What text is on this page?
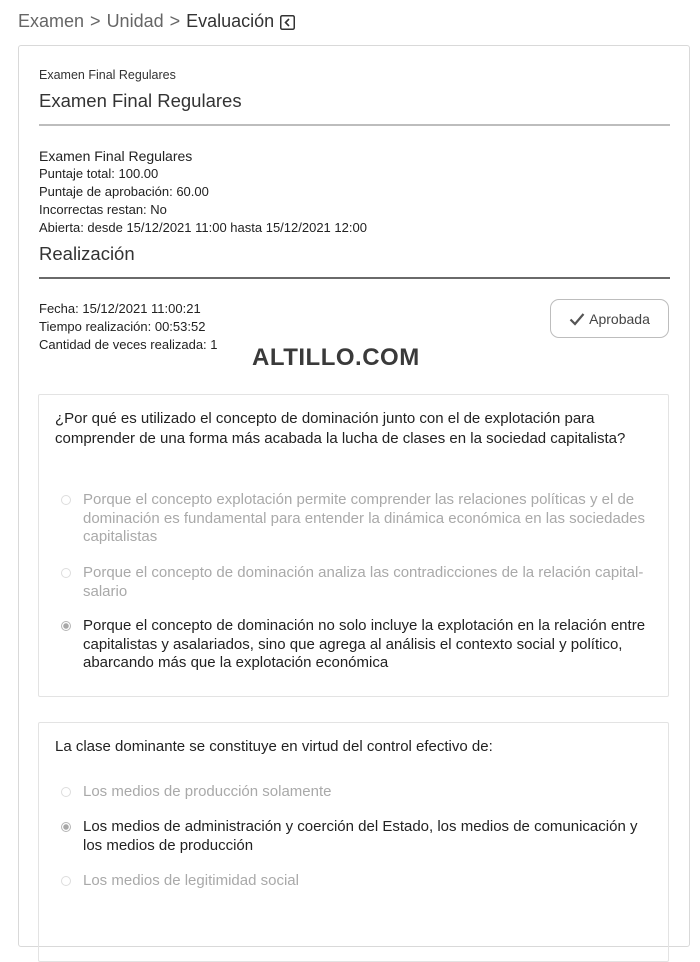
Examen > Unidad > Evaluación
Examen Final Regulares
Examen Final Regulares
Examen Final Regulares
Puntaje total: 100.00
Puntaje de aprobación: 60.00
Incorrectas restan: No
Abierta: desde 15/12/2021 11:00 hasta 15/12/2021 12:00
Realización
Fecha: 15/12/2021 11:00:21
Tiempo realización: 00:53:52
Cantidad de veces realizada: 1
Aprobada
ALTILLO.COM
¿Por qué es utilizado el concepto de dominación junto con el de explotación para comprender de una forma más acabada la lucha de clases en la sociedad capitalista?
Porque el concepto explotación permite comprender las relaciones políticas y el de dominación es fundamental para entender la dinámica económica en las sociedades capitalistas
Porque el concepto de dominación analiza las contradicciones de la relación capital-salario
Porque el concepto de dominación no solo incluye la explotación en la relación entre capitalistas y asalariados, sino que agrega al análisis el contexto social y político, abarcando más que la explotación económica
La clase dominante se constituye en virtud del control efectivo de:
Los medios de producción solamente
Los medios de administración y coerción del Estado, los medios de comunicación y los medios de producción
Los medios de legitimidad social
